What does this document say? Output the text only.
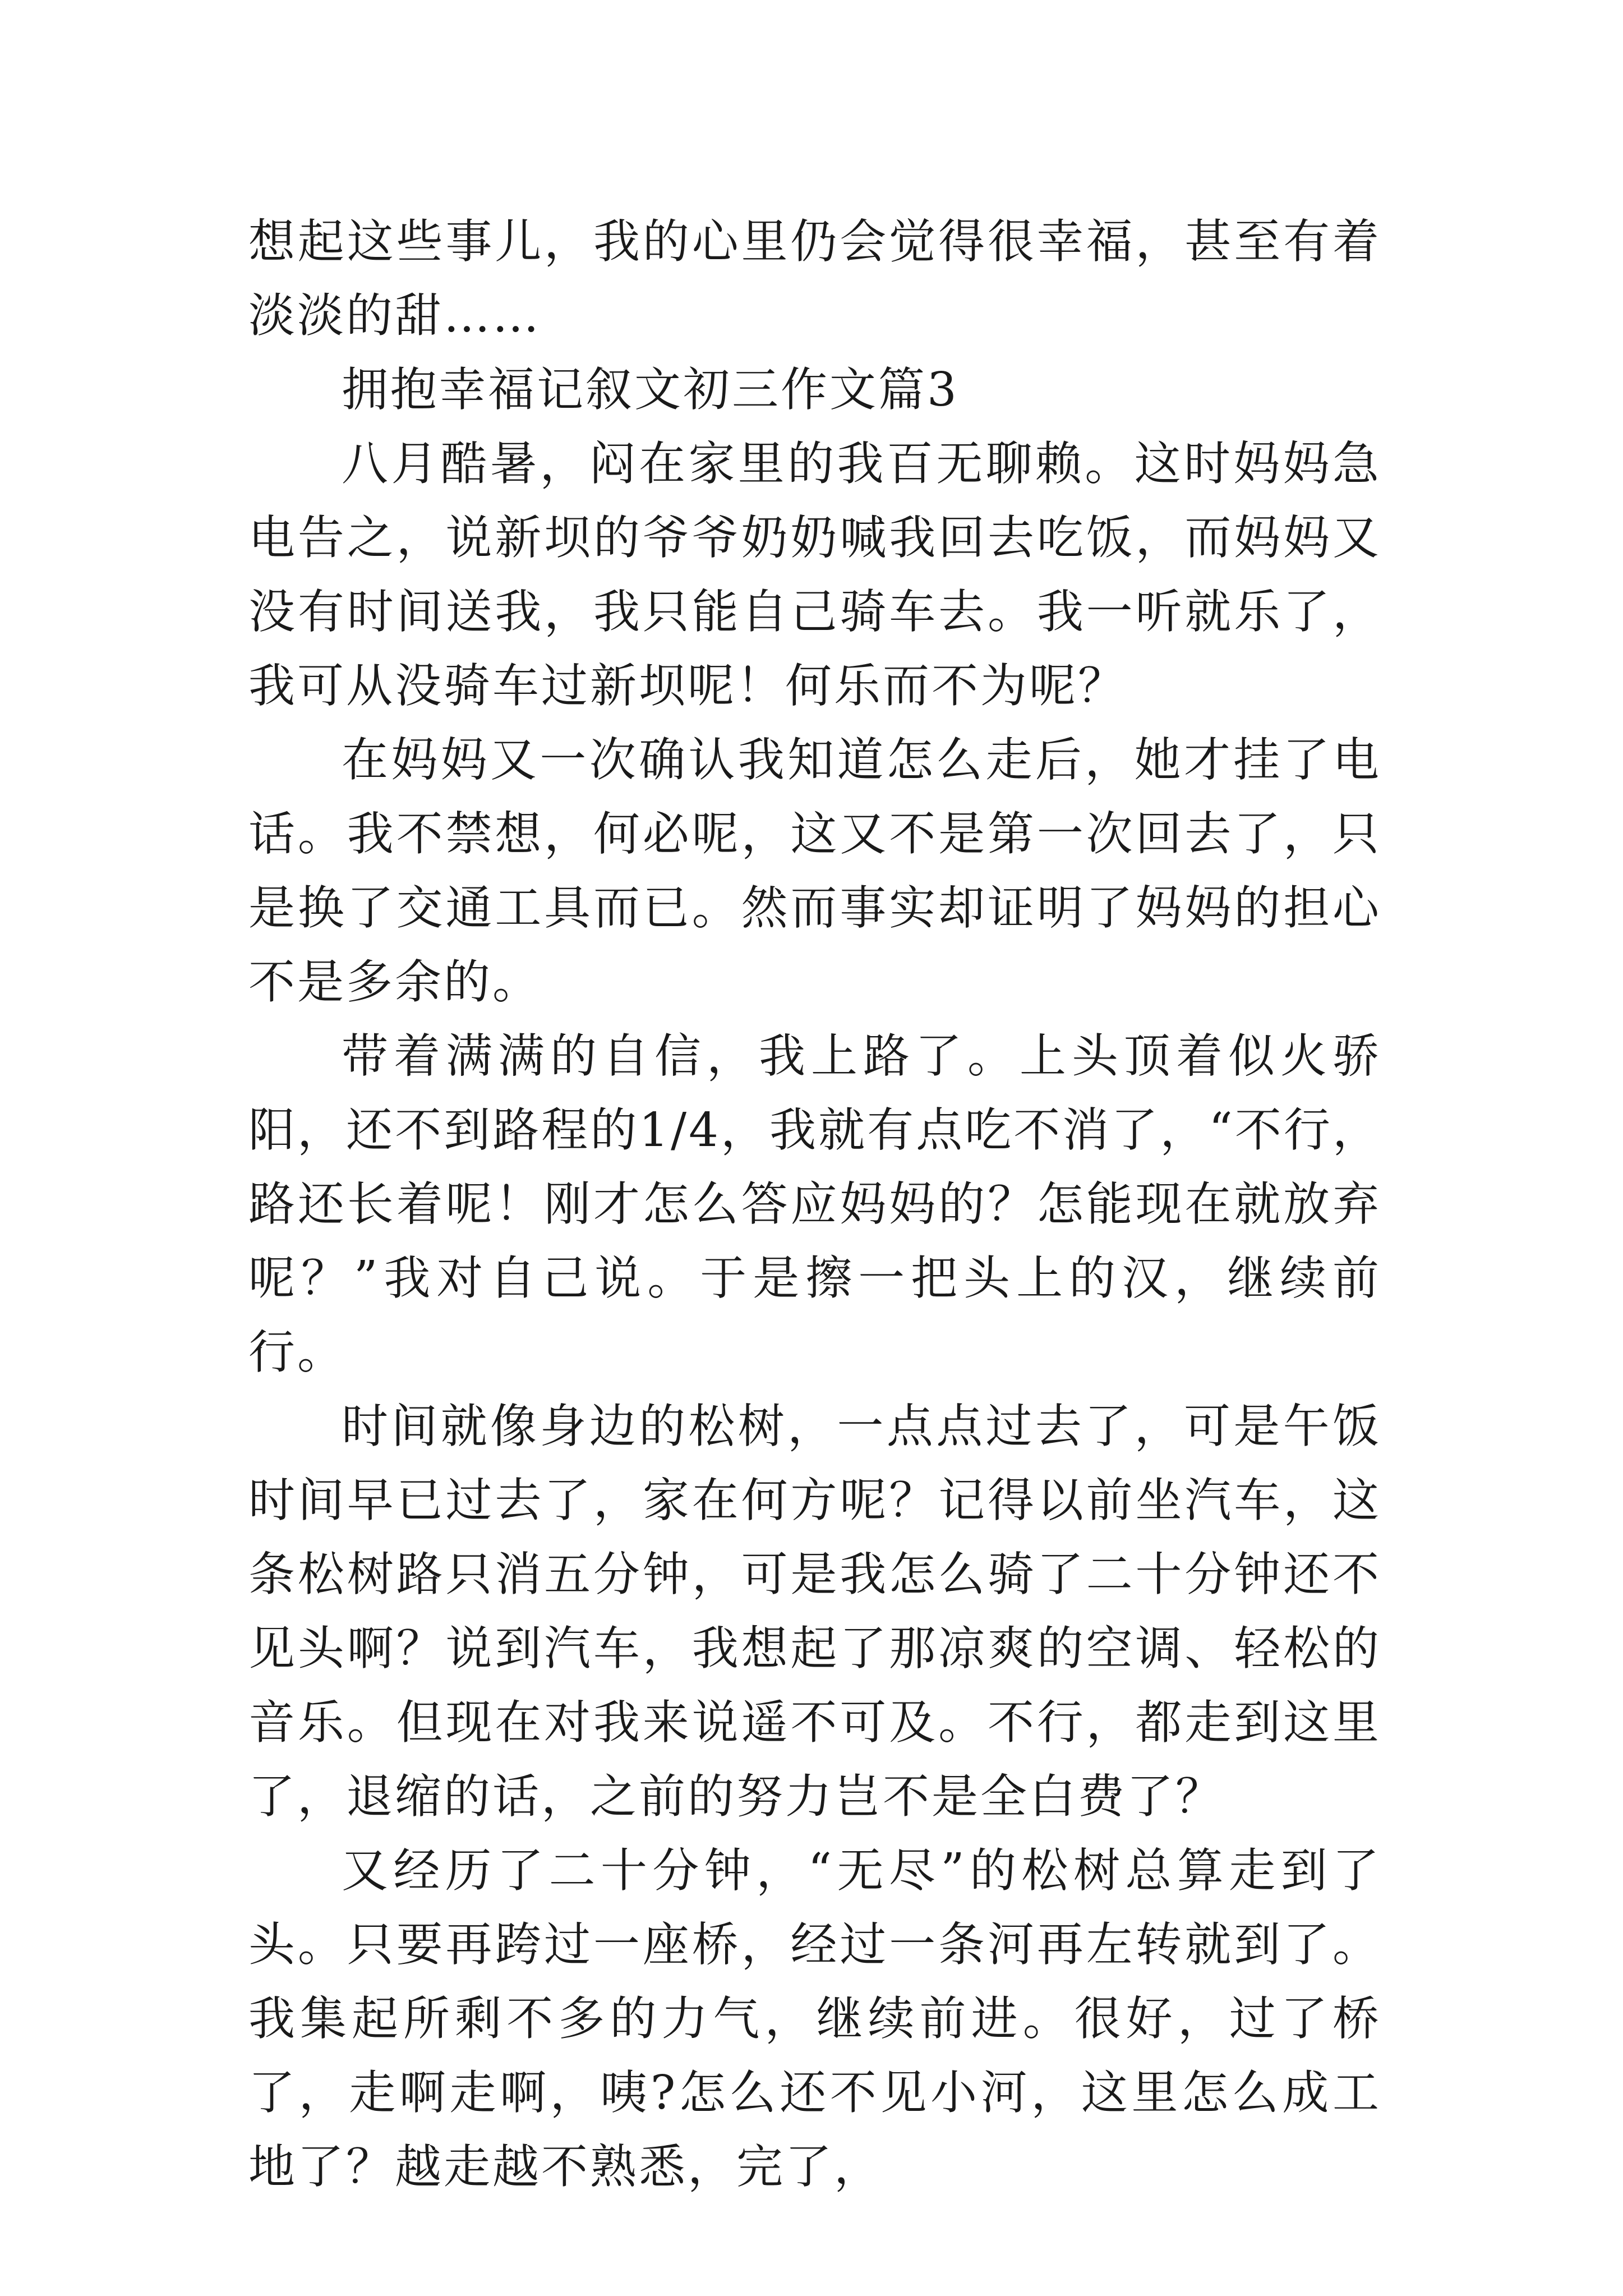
想起这些事儿，我的心里仍会觉得很幸福，甚至有着淡淡的甜……

拥抱幸福记叙文初三作文篇3

八月酷暑，闷在家里的我百无聊赖。这时妈妈急电告之，说新坝的爷爷奶奶喊我回去吃饭，而妈妈又没有时间送我，我只能自己骑车去。我一听就乐了，我可从没骑车过新坝呢！何乐而不为呢？

在妈妈又一次确认我知道怎么走后，她才挂了电话。我不禁想，何必呢，这又不是第一次回去了，只是换了交通工具而已。然而事实却证明了妈妈的担心不是多余的。

带着满满的自信，我上路了。上头顶着似火骄阳，还不到路程的1/4，我就有点吃不消了，“不行，路还长着呢！刚才怎么答应妈妈的？怎能现在就放弃呢？”我对自己说。于是擦一把头上的汉，继续前行。

时间就像身边的松树，一点点过去了，可是午饭时间早已过去了，家在何方呢？记得以前坐汽车，这条松树路只消五分钟，可是我怎么骑了二十分钟还不见头啊？说到汽车，我想起了那凉爽的空调、轻松的音乐。但现在对我来说遥不可及。不行，都走到这里了，退缩的话，之前的努力岂不是全白费了？

又经历了二十分钟，“无尽”的松树总算走到了头。只要再跨过一座桥，经过一条河再左转就到了。我集起所剩不多的力气，继续前进。很好，过了桥了，走啊走啊，咦?怎么还不见小河，这里怎么成工地了？越走越不熟悉，完了，
